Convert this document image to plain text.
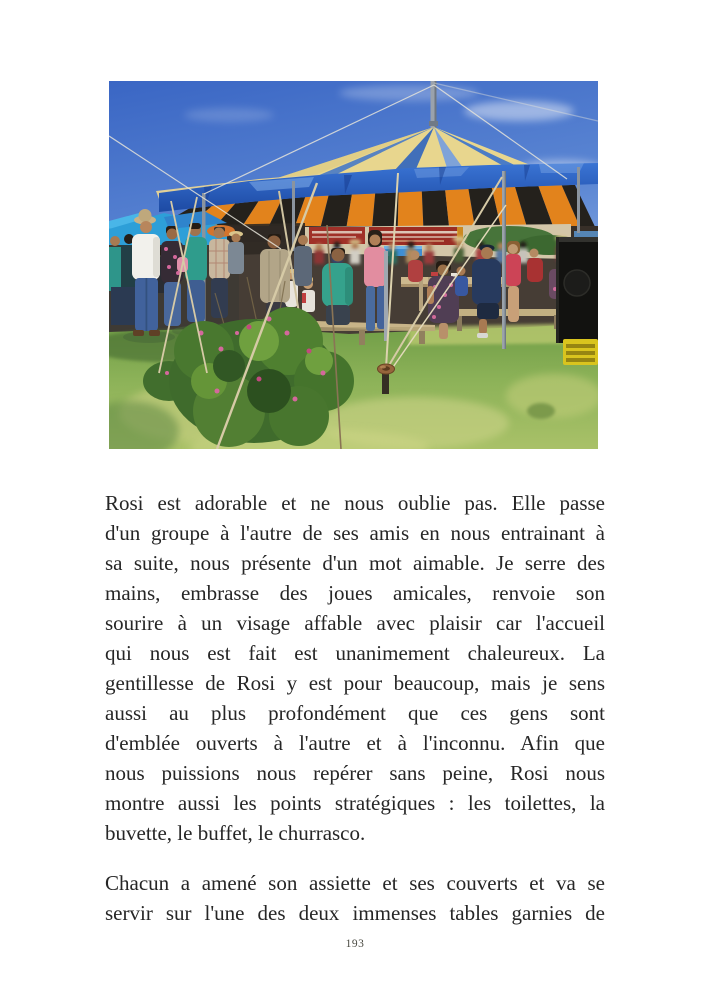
Rosi est adorable et ne nous oublie pas. Elle passe
d'un groupe à l'autre de ses amis en nous entrainant à
sa suite, nous présente d'un mot aimable. Je serre des
mains, embrasse des joues amicales, renvoie son
sourire à un visage affable avec plaisir car l'accueil
qui nous est fait est unanimement chaleureux. La
gentillesse de Rosi y est pour beaucoup, mais je sens
aussi au plus profondément que ces gens sont
d'emblée ouverts à l'autre et à l'inconnu. Afin que
nous puissions nous repérer sans peine, Rosi nous
montre aussi les points stratégiques : les toilettes, la
buvette, le buffet, le churrasco.
Chacun a amené son assiette et ses couverts et va se
servir sur l'une des deux immenses tables garnies de
193
